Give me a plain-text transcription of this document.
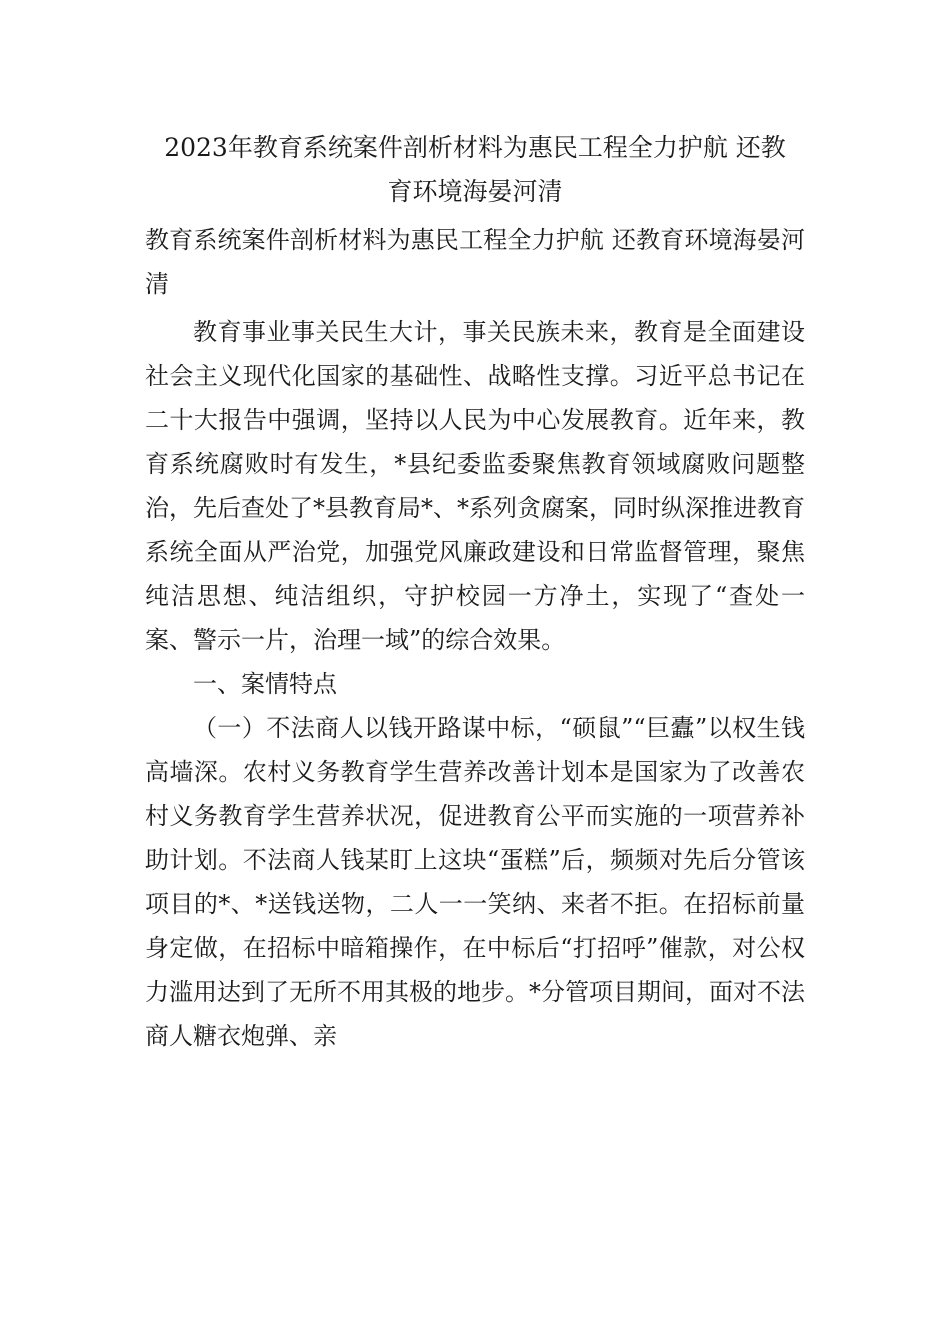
2023年教育系统案件剖析材料为惠民工程全力护航 还教
育环境海晏河清

教育系统案件剖析材料为惠民工程全力护航 还教育环境海晏河清

教育事业事关民生大计，事关民族未来，教育是全面建设社会主义现代化国家的基础性、战略性支撑。习近平总书记在二十大报告中强调，坚持以人民为中心发展教育。近年来，教育系统腐败时有发生，*县纪委监委聚焦教育领域腐败问题整治，先后查处了*县教育局*、*系列贪腐案，同时纵深推进教育系统全面从严治党，加强党风廉政建设和日常监督管理，聚焦纯洁思想、纯洁组织，守护校园一方净土，实现了“查处一案、警示一片，治理一域”的综合效果。

一、案情特点

（一）不法商人以钱开路谋中标，“硕鼠”“巨蠹”以权生钱高墙深。农村义务教育学生营养改善计划本是国家为了改善农村义务教育学生营养状况，促进教育公平而实施的一项营养补助计划。不法商人钱某盯上这块“蛋糕”后，频频对先后分管该项目的*、*送钱送物，二人一一笑纳、来者不拒。在招标前量身定做，在招标中暗箱操作，在中标后“打招呼”催款，对公权力滥用达到了无所不用其极的地步。*分管项目期间，面对不法商人糖衣炮弹、亲
